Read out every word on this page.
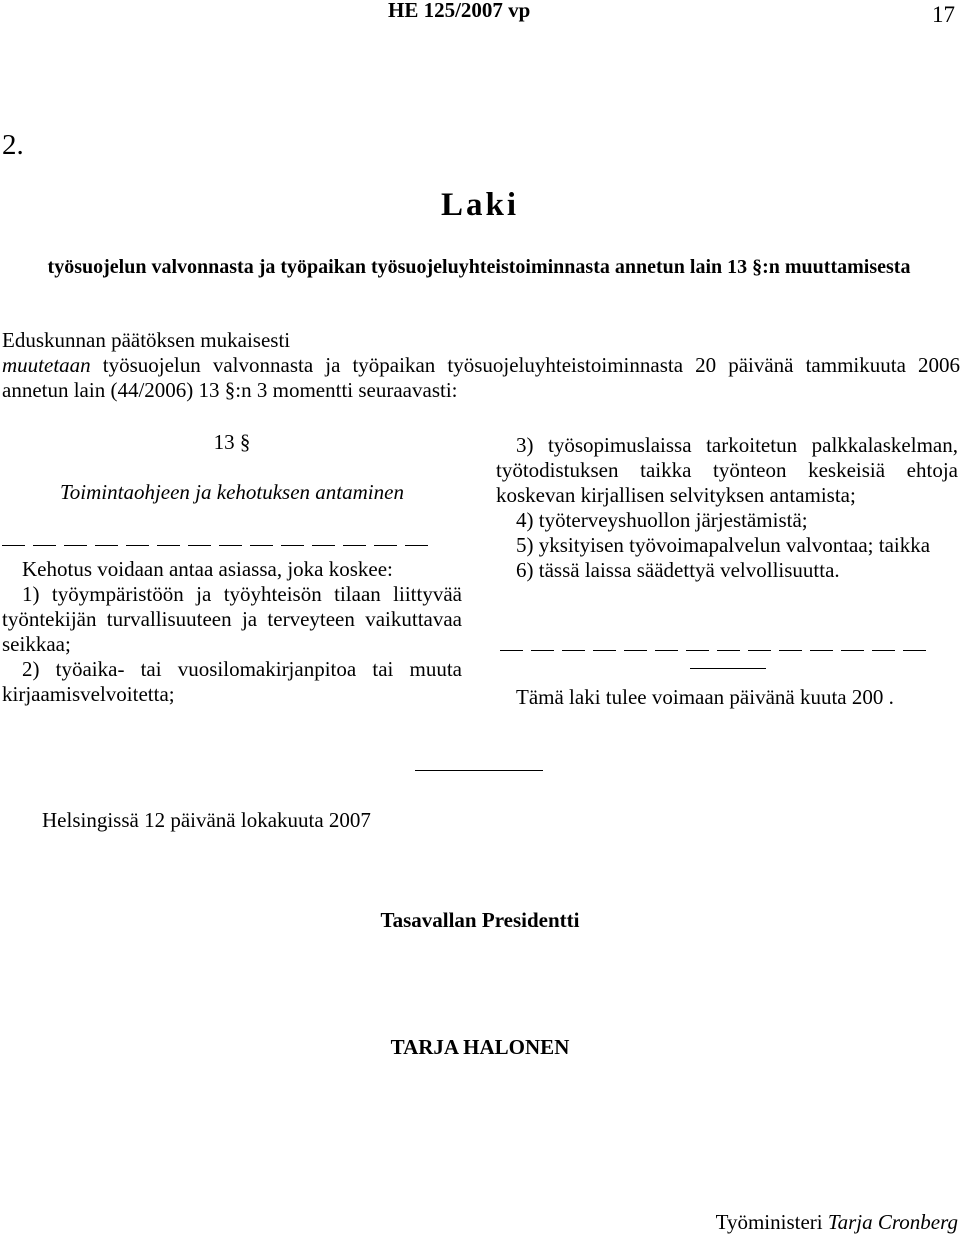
HE 125/2007 vp	17
2.
Laki
työsuojelun valvonnasta ja työpaikan työsuojeluyhteistoiminnasta annetun lain 13 §:n muuttamisesta
Eduskunnan päätöksen mukaisesti
muutetaan työsuojelun valvonnasta ja työpaikan työsuojeluyhteistoiminnasta 20 päivänä tammikuuta 2006 annetun lain (44/2006) 13 §:n 3 momentti seuraavasti:
13 §
Toimintaohjeen ja kehotuksen antaminen
Kehotus voidaan antaa asiassa, joka koskee:
1) työympäristöön ja työyhteisön tilaan liittyvää työntekijän turvallisuuteen ja terveyteen vaikuttavaa seikkaa;
2) työaika- tai vuosilomakirjanpitoa tai muuta kirjaamisvelvoitetta;
3) työsopimuslaissa tarkoitetun palkkalaskelman, työtodistuksen taikka työnteon keskeisiä ehtoja koskevan kirjallisen selvityksen antamista;
4) työterveyshuollon järjestämistä;
5) yksityisen työvoimapalvelun valvontaa; taikka
6) tässä laissa säädettyä velvollisuutta.
Tämä laki tulee voimaan päivänä kuuta 200 .
Helsingissä 12 päivänä lokakuuta 2007
Tasavallan Presidentti
TARJA HALONEN
Työministeri Tarja Cronberg
